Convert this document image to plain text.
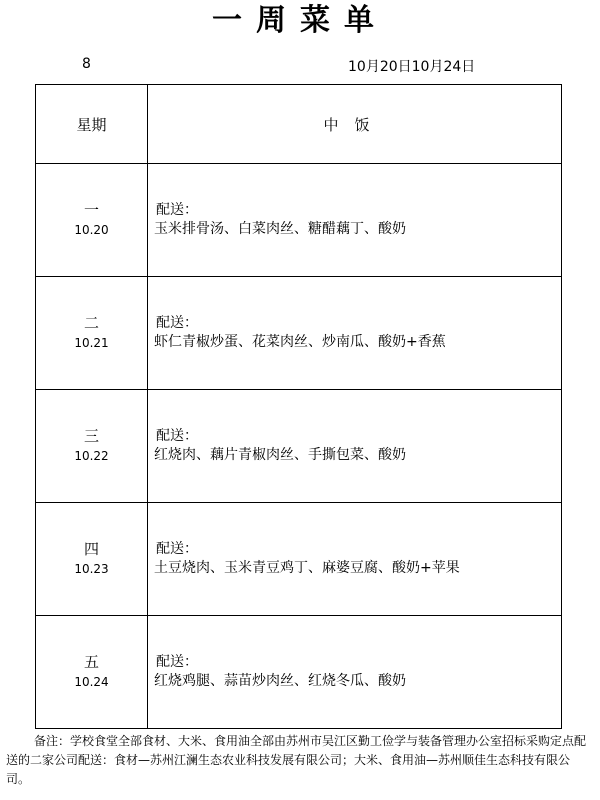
一周菜单
8	10月20日10月24日
星期	中饭

一
10.20	配送：
玉米排骨汤、白菜肉丝、糖醋藕丁、酸奶

二
10.21	配送：
虾仁青椒炒蛋、花菜肉丝、炒南瓜、酸奶+香蕉

三
10.22	配送：
红烧肉、藕片青椒肉丝、手撕包菜、酸奶

四
10.23	配送：
土豆烧肉、玉米青豆鸡丁、麻婆豆腐、酸奶+苹果

五
10.24	配送：
红烧鸡腿、蒜苗炒肉丝、红烧冬瓜、酸奶
备注：学校食堂全部食材、大米、食用油全部由苏州市吴江区勤工俭学与装备管理办公室招标采购定点配送的二家公司配送：食材—苏州江澜生态农业科技发展有限公司；大米、食用油—苏州顺佳生态科技有限公司。
